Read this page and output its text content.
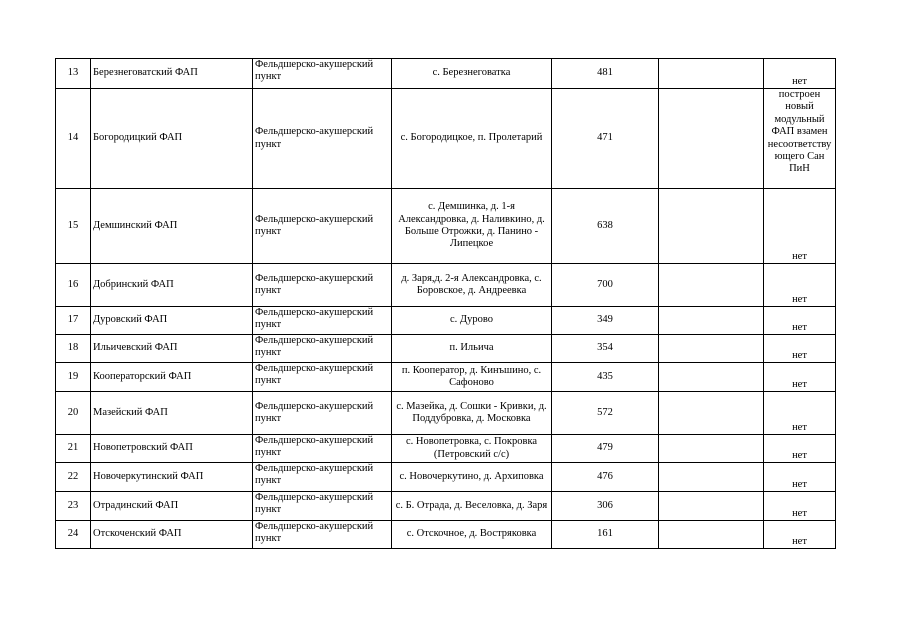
13	Березнеговатский ФАП	Фельдшерско-акушерский пункт	с. Березнеговатка	481		нет
14	Богородицкий ФАП	Фельдшерско-акушерский пункт	с. Богородицкое, п. Пролетарий	471		построен новый модульный ФАП взамен несоответству ющего Сан ПиН
15	Демшинский ФАП	Фельдшерско-акушерский пункт	с. Демшинка, д. 1-я Александровка, д. Наливкино, д. Больше Отрожки, д. Панино - Липецкое	638		нет
16	Добринский ФАП	Фельдшерско-акушерский пункт	д. Заря,д. 2-я Александровка, с. Боровское, д. Андреевка	700		нет
17	Дуровский ФАП	Фельдшерско-акушерский пункт	с. Дурово	349		нет
18	Ильичевский ФАП	Фельдшерско-акушерский пункт	п. Ильича	354		нет
19	Кооператорский ФАП	Фельдшерско-акушерский пункт	п. Кооператор, д. Кинъшино, с. Сафоново	435		нет
20	Мазейский ФАП	Фельдшерско-акушерский пункт	с. Мазейка, д. Сошки - Кривки, д. Поддубровка, д. Московка	572		нет
21	Новопетровский ФАП	Фельдшерско-акушерский пункт	с. Новопетровка, с. Покровка (Петровский с/с)	479		нет
22	Новочеркутинский ФАП	Фельдшерско-акушерский пункт	с. Новочеркутино, д. Архиповка	476		нет
23	Отрадинский ФАП	Фельдшерско-акушерский пункт	с. Б. Отрада, д. Веселовка, д. Заря	306		нет
24	Отскоченский ФАП	Фельдшерско-акушерский пункт	с. Отскочное, д. Востряковка	161		нет
